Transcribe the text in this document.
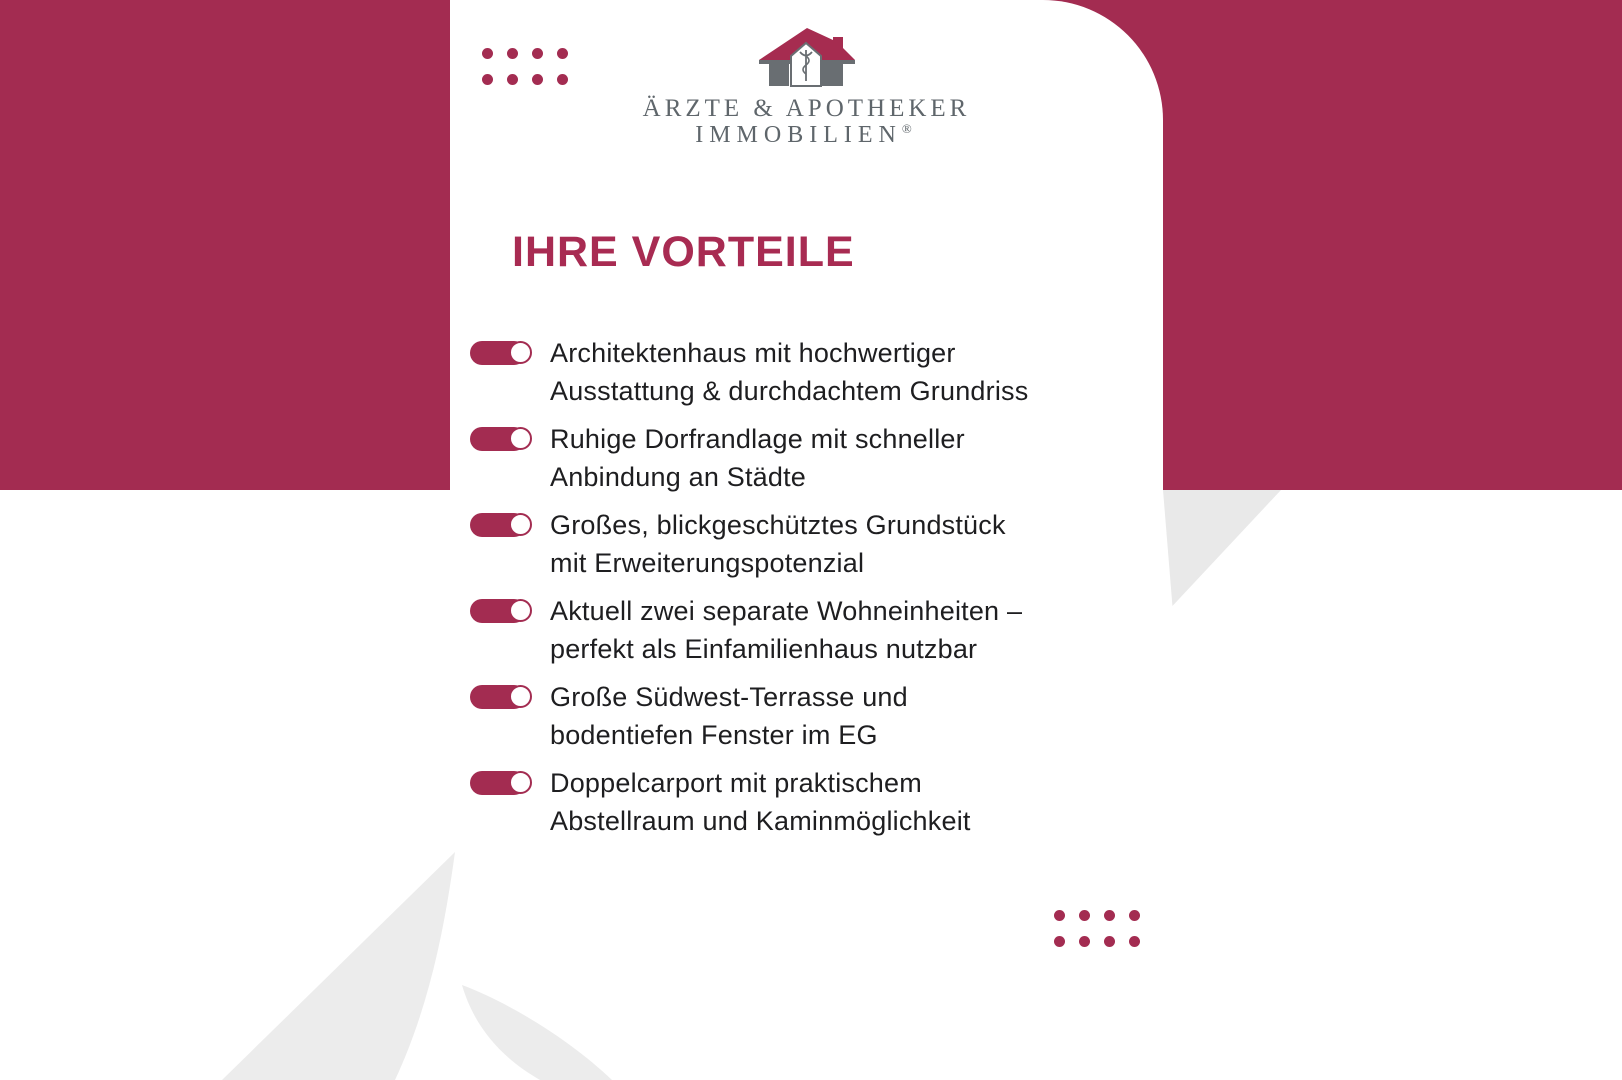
ÄRZTE & APOTHEKER
IMMOBILIEN®
IHRE VORTEILE
Architektenhaus mit hochwertiger
Ausstattung & durchdachtem Grundriss
Ruhige Dorfrandlage mit schneller
Anbindung an Städte
Großes, blickgeschütztes Grundstück
mit Erweiterungspotenzial
Aktuell zwei separate Wohneinheiten –
perfekt als Einfamilienhaus nutzbar
Große Südwest-Terrasse und
bodentiefen Fenster im EG
Doppelcarport mit praktischem
Abstellraum und Kaminmöglichkeit
